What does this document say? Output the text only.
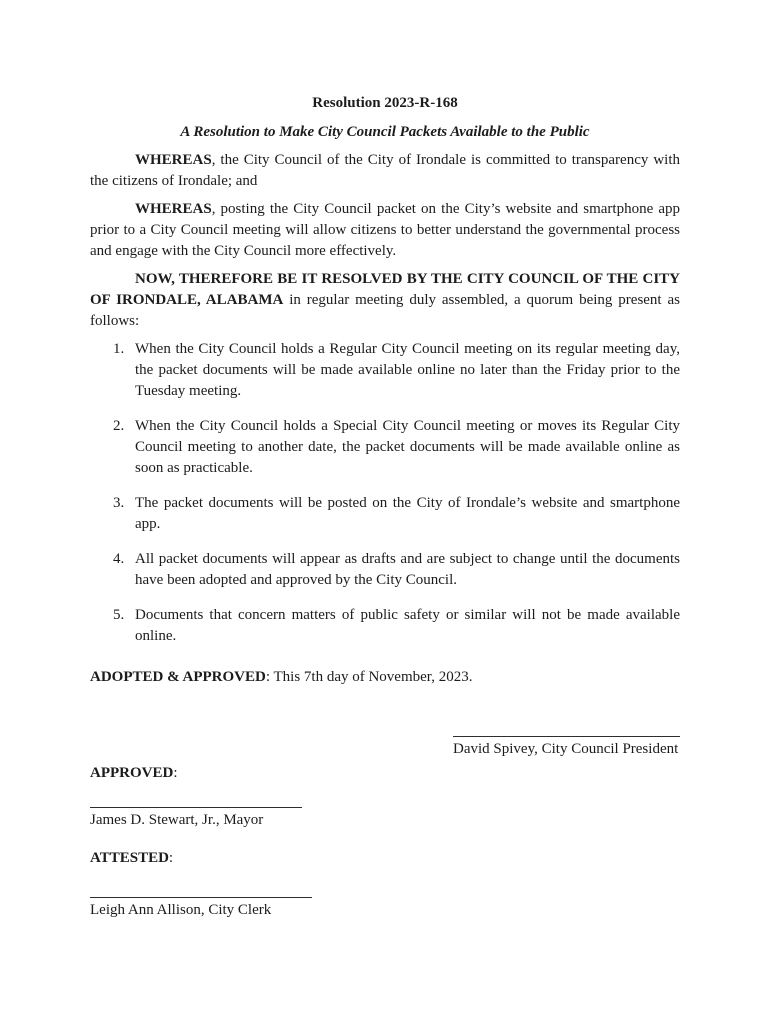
Resolution 2023-R-168
A Resolution to Make City Council Packets Available to the Public

WHEREAS, the City Council of the City of Irondale is committed to transparency with the citizens of Irondale; and

WHEREAS, posting the City Council packet on the City’s website and smartphone app prior to a City Council meeting will allow citizens to better understand the governmental process and engage with the City Council more effectively.

NOW, THEREFORE BE IT RESOLVED BY THE CITY COUNCIL OF THE CITY OF IRONDALE, ALABAMA in regular meeting duly assembled, a quorum being present as follows:

When the City Council holds a Regular City Council meeting on its regular meeting day, the packet documents will be made available online no later than the Friday prior to the Tuesday meeting.
When the City Council holds a Special City Council meeting or moves its Regular City Council meeting to another date, the packet documents will be made available online as soon as practicable.
The packet documents will be posted on the City of Irondale’s website and smartphone app.
All packet documents will appear as drafts and are subject to change until the documents have been adopted and approved by the City Council.
Documents that concern matters of public safety or similar will not be made available online.

ADOPTED & APPROVED: This 7th day of November, 2023.

David Spivey, City Council President

APPROVED:

James D. Stewart, Jr., Mayor

ATTESTED:

Leigh Ann Allison, City Clerk
